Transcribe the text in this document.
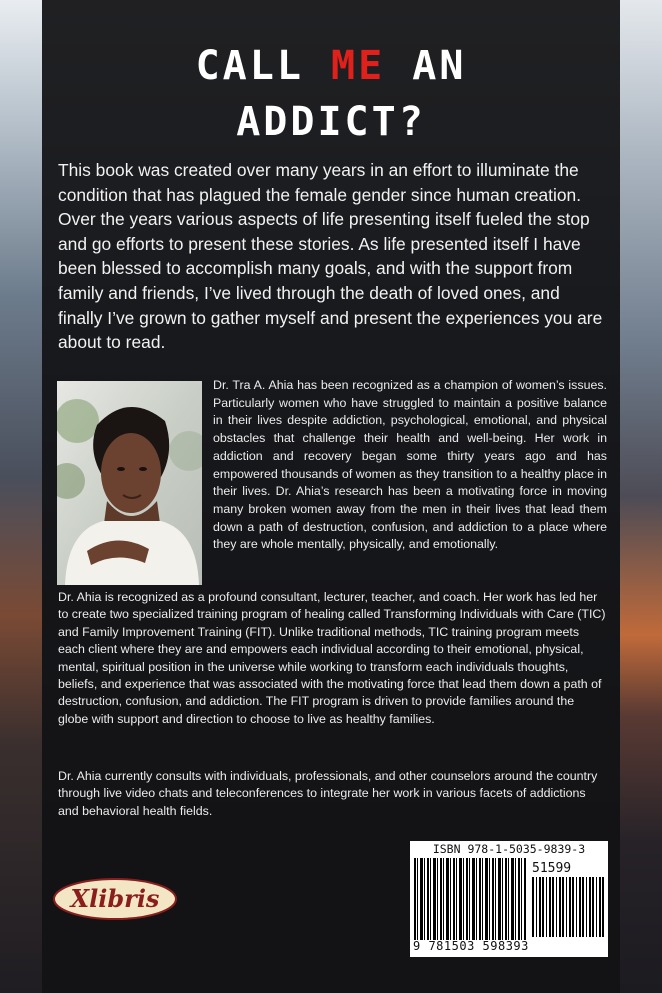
CALL ME AN
ADDICT?

This book was created over many years in an effort to illuminate the condition that has plagued the female gender since human creation. Over the years various aspects of life presenting itself fueled the stop and go efforts to present these stories. As life presented itself I have been blessed to accomplish many goals, and with the support from family and friends, I’ve lived through the death of loved ones, and finally I’ve grown to gather myself and present the experiences you are about to read.

Dr. Tra A. Ahia has been recognized as a champion of women’s issues. Particularly women who have struggled to maintain a positive balance in their lives despite addiction, psychological, emotional, and physical obstacles that challenge their health and well-being. Her work in addiction and recovery began some thirty years ago and has empowered thousands of women as they transition to a healthy place in their lives. Dr. Ahia’s research has been a motivating force in moving many broken women away from the men in their lives that lead them down a path of destruction, confusion, and addiction to a place where they are whole mentally, physically, and emotionally.

Dr. Ahia is recognized as a profound consultant, lecturer, teacher, and coach. Her work has led her to create two specialized training program of healing called Transforming Individuals with Care (TIC) and Family Improvement Training (FIT). Unlike traditional methods, TIC training program meets each client where they are and empowers each individual according to their emotional, physical, mental, spiritual position in the universe while working to transform each individuals thoughts, beliefs, and experience that was associated with the motivating force that lead them down a path of destruction, confusion, and addiction. The FIT program is driven to provide families around the globe with support and direction to choose to live as healthy families.

Dr. Ahia currently consults with individuals, professionals, and other counselors around the country through live video chats and teleconferences to integrate her work in various facets of addictions and behavioral health fields.

Xlibris
ISBN 978-1-5035-9839-3
51599
9 781503 598393
